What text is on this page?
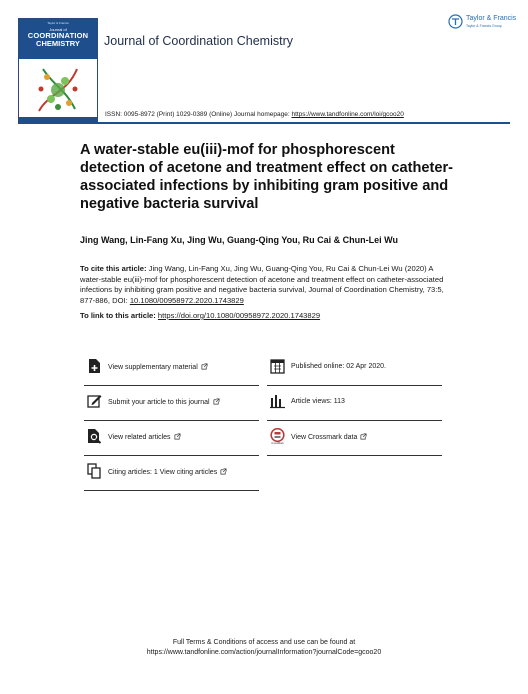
Taylor & Francis
Journal of
COORDINATION
CHEMISTRY	Journal of Coordination Chemistry
Taylor & Francis
Taylor & Francis Group
ISSN: 0095-8972 (Print) 1029-0389 (Online) Journal homepage: https://www.tandfonline.com/loi/gcoo20
A water-stable eu(iii)-mof for phosphorescent detection of acetone and treatment effect on catheter-associated infections by inhibiting gram positive and negative bacteria survival
Jing Wang, Lin-Fang Xu, Jing Wu, Guang-Qing You, Ru Cai & Chun-Lei Wu
To cite this article: Jing Wang, Lin-Fang Xu, Jing Wu, Guang-Qing You, Ru Cai & Chun-Lei Wu (2020) A water-stable eu(iii)-mof for phosphorescent detection of acetone and treatment effect on catheter-associated infections by inhibiting gram positive and negative bacteria survival, Journal of Coordination Chemistry, 73:5, 877-886, DOI: 10.1080/00958972.2020.1743829
To link to this article: https://doi.org/10.1080/00958972.2020.1743829
View supplementary material
Submit your article to this journal
View related articles
Citing articles: 1 View citing articles
Published online: 02 Apr 2020.
Article views: 113
CrossMark
View Crossmark data
Full Terms & Conditions of access and use can be found at
https://www.tandfonline.com/action/journalInformation?journalCode=gcoo20
